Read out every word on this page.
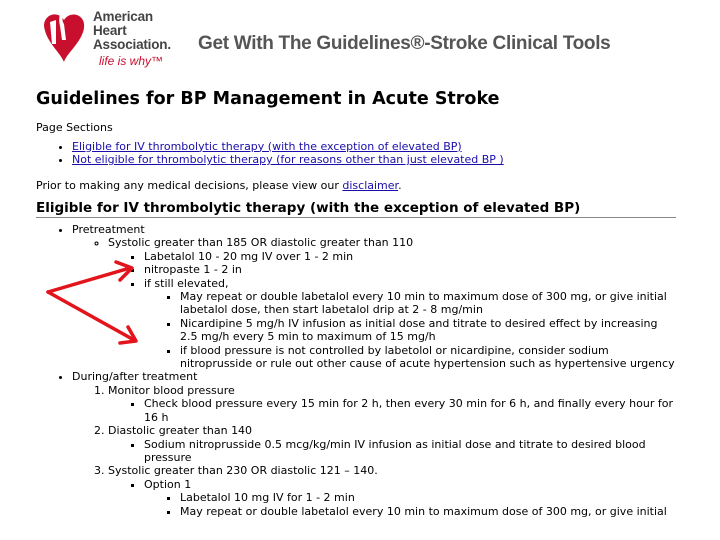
American
Heart
Association.
life is why™
Get With The Guidelines®-Stroke Clinical Tools
Guidelines for BP Management in Acute Stroke
Page Sections
• Eligible for IV thrombolytic therapy (with the exception of elevated BP)
• Not eligible for thrombolytic therapy (for reasons other than just elevated BP )
Prior to making any medical decisions, please view our disclaimer.
Eligible for IV thrombolytic therapy (with the exception of elevated BP)
• Pretreatment
◦ Systolic greater than 185 OR diastolic greater than 110
▪ Labetalol 10 - 20 mg IV over 1 - 2 min
▪ nitropaste 1 - 2 in
▪ if still elevated,
▪ May repeat or double labetalol every 10 min to maximum dose of 300 mg, or give initial labetalol dose, then start labetalol drip at 2 - 8 mg/min
▪ Nicardipine 5 mg/h IV infusion as initial dose and titrate to desired effect by increasing 2.5 mg/h every 5 min to maximum of 15 mg/h
▪ if blood pressure is not controlled by labetolol or nicardipine, consider sodium nitroprusside or rule out other cause of acute hypertension such as hypertensive urgency
• During/after treatment
1. Monitor blood pressure
▪ Check blood pressure every 15 min for 2 h, then every 30 min for 6 h, and finally every hour for 16 h
2. Diastolic greater than 140
▪ Sodium nitroprusside 0.5 mcg/kg/min IV infusion as initial dose and titrate to desired blood pressure
3. Systolic greater than 230 OR diastolic 121 – 140.
▪ Option 1
▪ Labetalol 10 mg IV for 1 - 2 min
▪ May repeat or double labetalol every 10 min to maximum dose of 300 mg, or give initial
